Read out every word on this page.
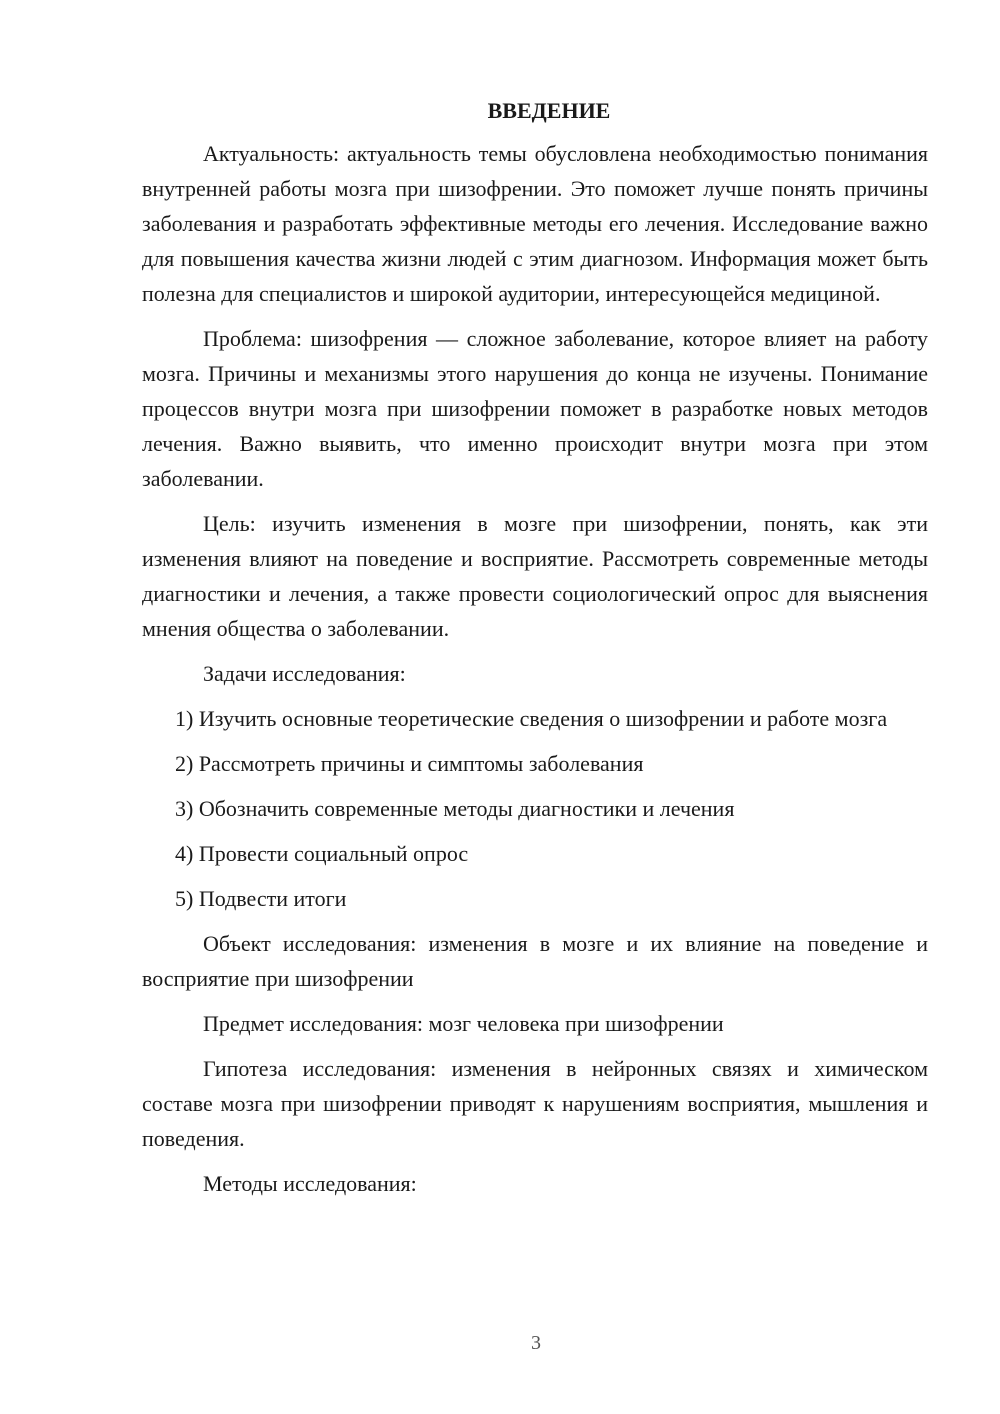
ВВЕДЕНИЕ

Актуальность: актуальность темы обусловлена необходимостью понимания внутренней работы мозга при шизофрении. Это поможет лучше понять причины заболевания и разработать эффективные методы его лечения. Исследование важно для повышения качества жизни людей с этим диагнозом. Информация может быть полезна для специалистов и широкой аудитории, интересующейся медициной.

Проблема: шизофрения — сложное заболевание, которое влияет на работу мозга. Причины и механизмы этого нарушения до конца не изучены. Понимание процессов внутри мозга при шизофрении поможет в разработке новых методов лечения. Важно выявить, что именно происходит внутри мозга при этом заболевании.

Цель: изучить изменения в мозге при шизофрении, понять, как эти изменения влияют на поведение и восприятие. Рассмотреть современные методы диагностики и лечения, а также провести социологический опрос для выяснения мнения общества о заболевании.

Задачи исследования:

1) Изучить основные теоретические сведения о шизофрении и работе мозга

2) Рассмотреть причины и симптомы заболевания

3) Обозначить современные методы диагностики и лечения

4) Провести социальный опрос

5) Подвести итоги

Объект исследования: изменения в мозге и их влияние на поведение и восприятие при шизофрении

Предмет исследования: мозг человека при шизофрении

Гипотеза исследования: изменения в нейронных связях и химическом составе мозга при шизофрении приводят к нарушениям восприятия, мышления и поведения.

Методы исследования:

3
